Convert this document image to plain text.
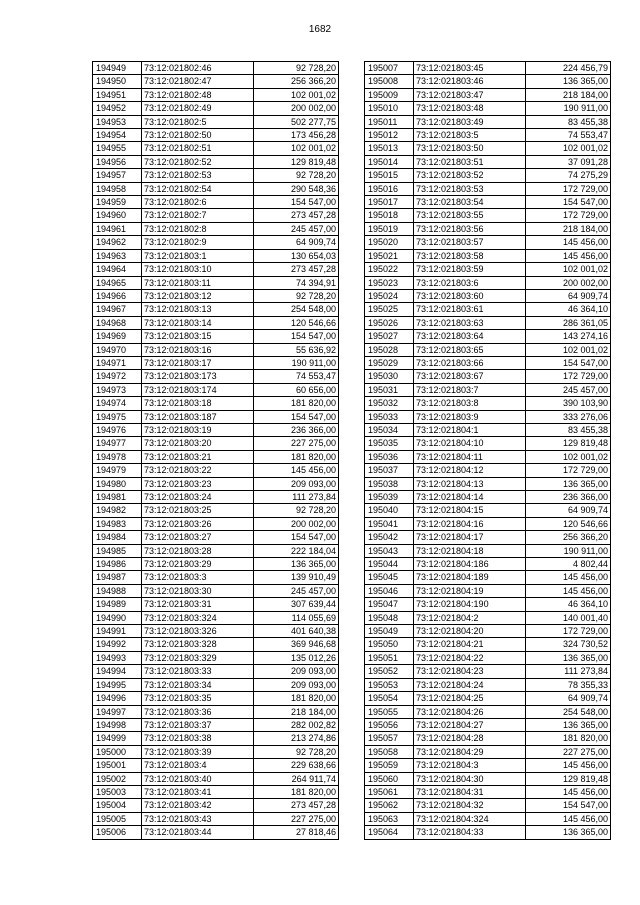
1682
194949	73:12:021802:46	92 728,20
194950	73:12:021802:47	256 366,20
194951	73:12:021802:48	102 001,02
194952	73:12:021802:49	200 002,00
194953	73:12:021802:5	502 277,75
194954	73:12:021802:50	173 456,28
194955	73:12:021802:51	102 001,02
194956	73:12:021802:52	129 819,48
194957	73:12:021802:53	92 728,20
194958	73:12:021802:54	290 548,36
194959	73:12:021802:6	154 547,00
194960	73:12:021802:7	273 457,28
194961	73:12:021802:8	245 457,00
194962	73:12:021802:9	64 909,74
194963	73:12:021803:1	130 654,03
194964	73:12:021803:10	273 457,28
194965	73:12:021803:11	74 394,91
194966	73:12:021803:12	92 728,20
194967	73:12:021803:13	254 548,00
194968	73:12:021803:14	120 546,66
194969	73:12:021803:15	154 547,00
194970	73:12:021803:16	55 636,92
194971	73:12:021803:17	190 911,00
194972	73:12:021803:173	74 553,47
194973	73:12:021803:174	60 656,00
194974	73:12:021803:18	181 820,00
194975	73:12:021803:187	154 547,00
194976	73:12:021803:19	236 366,00
194977	73:12:021803:20	227 275,00
194978	73:12:021803:21	181 820,00
194979	73:12:021803:22	145 456,00
194980	73:12:021803:23	209 093,00
194981	73:12:021803:24	111 273,84
194982	73:12:021803:25	92 728,20
194983	73:12:021803:26	200 002,00
194984	73:12:021803:27	154 547,00
194985	73:12:021803:28	222 184,04
194986	73:12:021803:29	136 365,00
194987	73:12:021803:3	139 910,49
194988	73:12:021803:30	245 457,00
194989	73:12:021803:31	307 639,44
194990	73:12:021803:324	114 055,69
194991	73:12:021803:326	401 640,38
194992	73:12:021803:328	369 946,68
194993	73:12:021803:329	135 012,26
194994	73:12:021803:33	209 093,00
194995	73:12:021803:34	209 093,00
194996	73:12:021803:35	181 820,00
194997	73:12:021803:36	218 184,00
194998	73:12:021803:37	282 002,82
194999	73:12:021803:38	213 274,86
195000	73:12:021803:39	92 728,20
195001	73:12:021803:4	229 638,66
195002	73:12:021803:40	264 911,74
195003	73:12:021803:41	181 820,00
195004	73:12:021803:42	273 457,28
195005	73:12:021803:43	227 275,00
195006	73:12:021803:44	27 818,46
195007	73:12:021803:45	224 456,79
195008	73:12:021803:46	136 365,00
195009	73:12:021803:47	218 184,00
195010	73:12:021803:48	190 911,00
195011	73:12:021803:49	83 455,38
195012	73:12:021803:5	74 553,47
195013	73:12:021803:50	102 001,02
195014	73:12:021803:51	37 091,28
195015	73:12:021803:52	74 275,29
195016	73:12:021803:53	172 729,00
195017	73:12:021803:54	154 547,00
195018	73:12:021803:55	172 729,00
195019	73:12:021803:56	218 184,00
195020	73:12:021803:57	145 456,00
195021	73:12:021803:58	145 456,00
195022	73:12:021803:59	102 001,02
195023	73:12:021803:6	200 002,00
195024	73:12:021803:60	64 909,74
195025	73:12:021803:61	46 364,10
195026	73:12:021803:63	286 361,05
195027	73:12:021803:64	143 274,16
195028	73:12:021803:65	102 001,02
195029	73:12:021803:66	154 547,00
195030	73:12:021803:67	172 729,00
195031	73:12:021803:7	245 457,00
195032	73:12:021803:8	390 103,90
195033	73:12:021803:9	333 276,06
195034	73:12:021804:1	83 455,38
195035	73:12:021804:10	129 819,48
195036	73:12:021804:11	102 001,02
195037	73:12:021804:12	172 729,00
195038	73:12:021804:13	136 365,00
195039	73:12:021804:14	236 366,00
195040	73:12:021804:15	64 909,74
195041	73:12:021804:16	120 546,66
195042	73:12:021804:17	256 366,20
195043	73:12:021804:18	190 911,00
195044	73:12:021804:186	4 802,44
195045	73:12:021804:189	145 456,00
195046	73:12:021804:19	145 456,00
195047	73:12:021804:190	46 364,10
195048	73:12:021804:2	140 001,40
195049	73:12:021804:20	172 729,00
195050	73:12:021804:21	324 730,52
195051	73:12:021804:22	136 365,00
195052	73:12:021804:23	111 273,84
195053	73:12:021804:24	78 355,33
195054	73:12:021804:25	64 909,74
195055	73:12:021804:26	254 548,00
195056	73:12:021804:27	136 365,00
195057	73:12:021804:28	181 820,00
195058	73:12:021804:29	227 275,00
195059	73:12:021804:3	145 456,00
195060	73:12:021804:30	129 819,48
195061	73:12:021804:31	145 456,00
195062	73:12:021804:32	154 547,00
195063	73:12:021804:324	145 456,00
195064	73:12:021804:33	136 365,00
